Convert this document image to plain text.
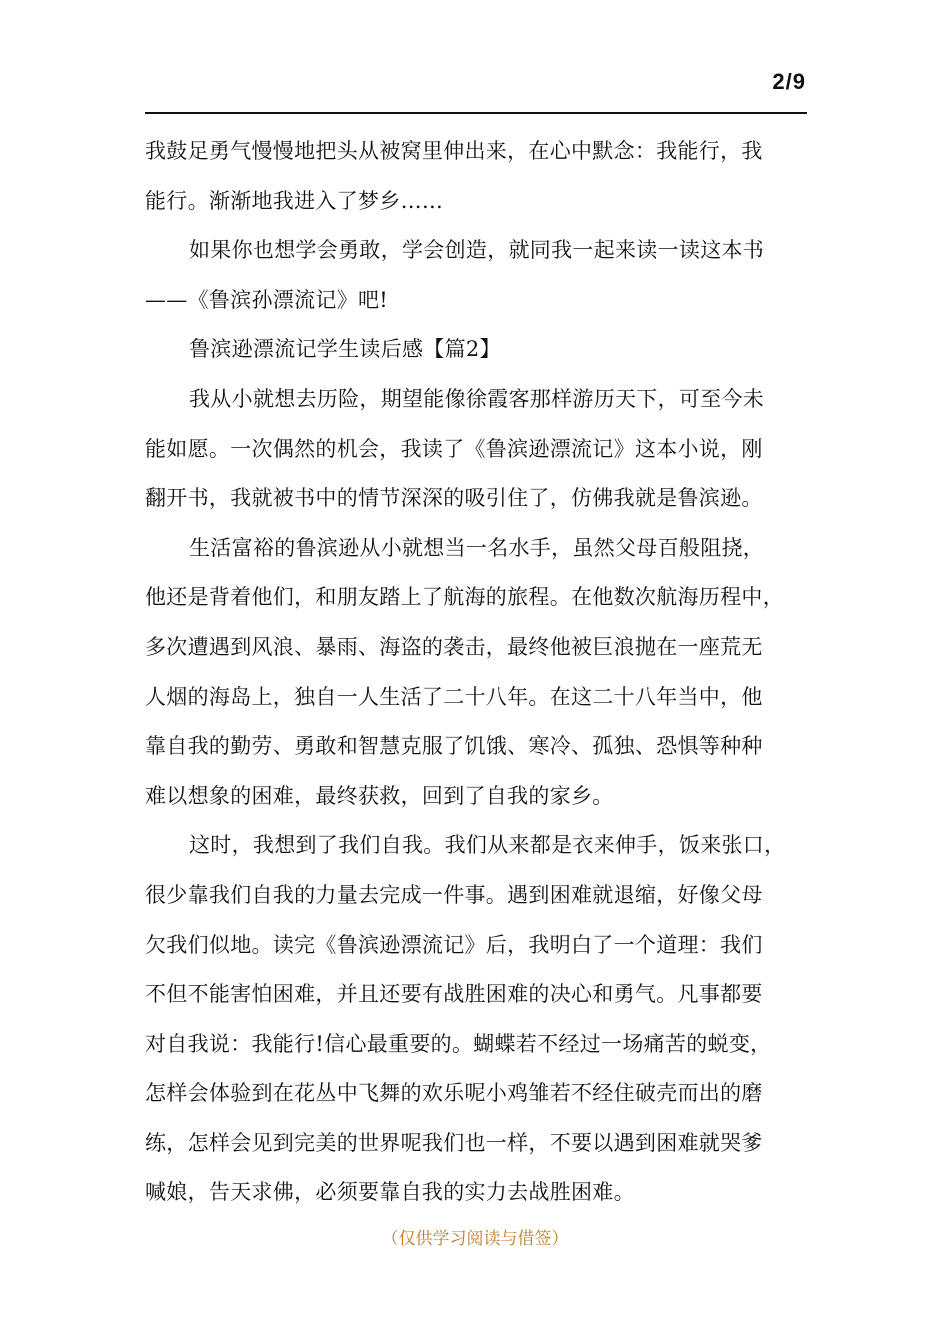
2/9
我鼓足勇气慢慢地把头从被窝里伸出来，在心中默念：我能行，我
能行。渐渐地我进入了梦乡……
如果你也想学会勇敢，学会创造，就同我一起来读一读这本书
——《鲁滨孙漂流记》吧!
鲁滨逊漂流记学生读后感【篇2】
我从小就想去历险，期望能像徐霞客那样游历天下，可至今未
能如愿。一次偶然的机会，我读了《鲁滨逊漂流记》这本小说，刚
翻开书，我就被书中的情节深深的吸引住了，仿佛我就是鲁滨逊。
生活富裕的鲁滨逊从小就想当一名水手，虽然父母百般阻挠，
他还是背着他们，和朋友踏上了航海的旅程。在他数次航海历程中，
多次遭遇到风浪、暴雨、海盗的袭击，最终他被巨浪抛在一座荒无
人烟的海岛上，独自一人生活了二十八年。在这二十八年当中，他
靠自我的勤劳、勇敢和智慧克服了饥饿、寒冷、孤独、恐惧等种种
难以想象的困难，最终获救，回到了自我的家乡。
这时，我想到了我们自我。我们从来都是衣来伸手，饭来张口，
很少靠我们自我的力量去完成一件事。遇到困难就退缩，好像父母
欠我们似地。读完《鲁滨逊漂流记》后，我明白了一个道理：我们
不但不能害怕困难，并且还要有战胜困难的决心和勇气。凡事都要
对自我说：我能行!信心最重要的。蝴蝶若不经过一场痛苦的蜕变，
怎样会体验到在花丛中飞舞的欢乐呢小鸡雏若不经住破壳而出的磨
练，怎样会见到完美的世界呢我们也一样，不要以遇到困难就哭爹
喊娘，告天求佛，必须要靠自我的实力去战胜困难。
（仅供学习阅读与借签）
